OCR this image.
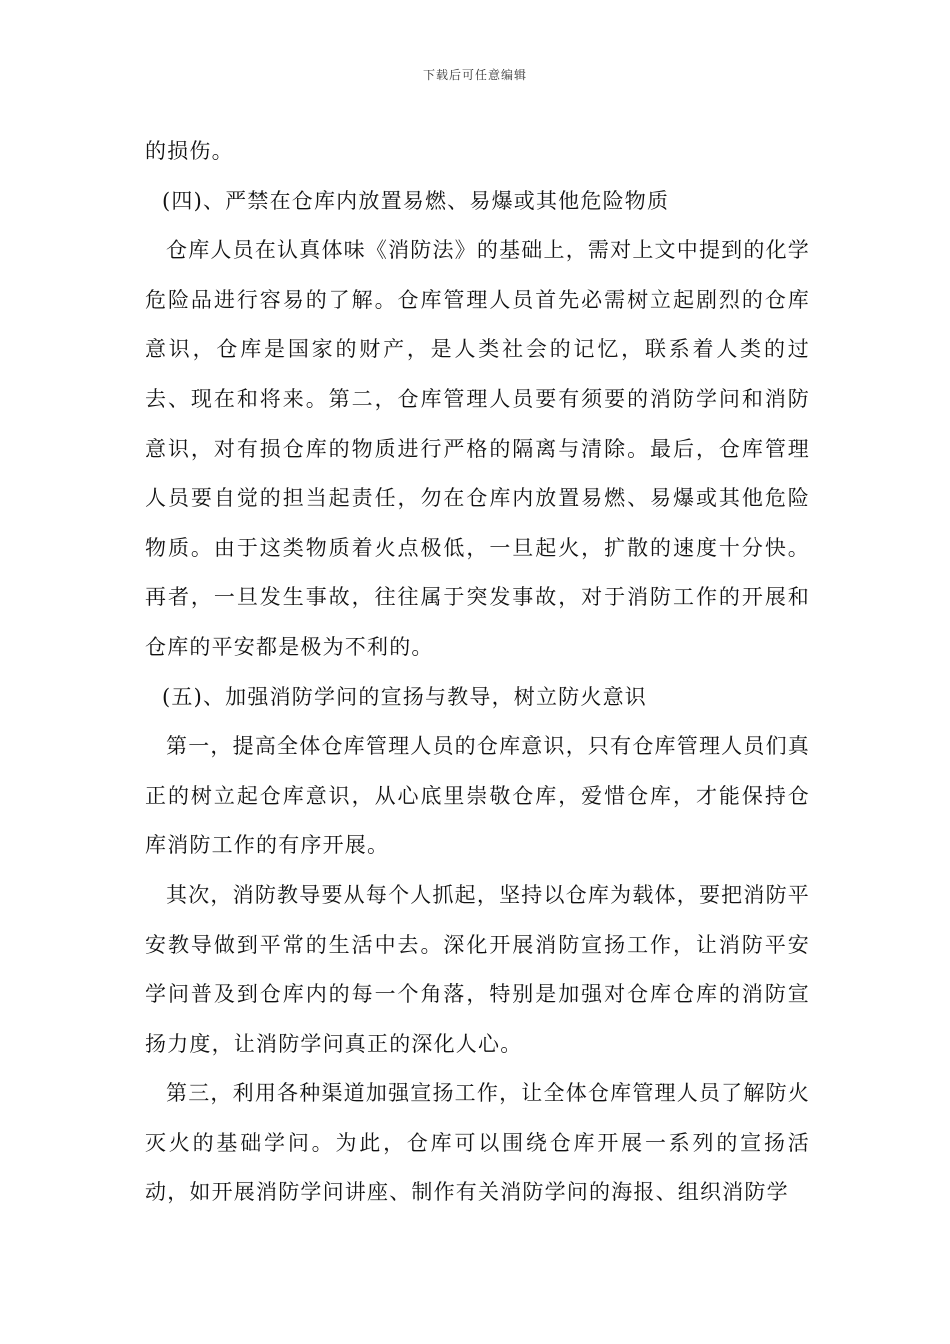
下载后可任意编辑

的损伤。

(四)、严禁在仓库内放置易燃、易爆或其他危险物质

仓库人员在认真体味《消防法》的基础上，需对上文中提到的化学危险品进行容易的了解。仓库管理人员首先必需树立起剧烈的仓库意识，仓库是国家的财产，是人类社会的记忆，联系着人类的过去、现在和将来。第二，仓库管理人员要有须要的消防学问和消防意识，对有损仓库的物质进行严格的隔离与清除。最后，仓库管理人员要自觉的担当起责任，勿在仓库内放置易燃、易爆或其他危险物质。由于这类物质着火点极低，一旦起火，扩散的速度十分快。再者，一旦发生事故，往往属于突发事故，对于消防工作的开展和仓库的平安都是极为不利的。

(五)、加强消防学问的宣扬与教导，树立防火意识

第一，提高全体仓库管理人员的仓库意识，只有仓库管理人员们真正的树立起仓库意识，从心底里崇敬仓库，爱惜仓库，才能保持仓库消防工作的有序开展。

其次，消防教导要从每个人抓起，坚持以仓库为载体，要把消防平安教导做到平常的生活中去。深化开展消防宣扬工作，让消防平安学问普及到仓库内的每一个角落，特别是加强对仓库仓库的消防宣扬力度，让消防学问真正的深化人心。

第三，利用各种渠道加强宣扬工作，让全体仓库管理人员了解防火灭火的基础学问。为此，仓库可以围绕仓库开展一系列的宣扬活动，如开展消防学问讲座、制作有关消防学问的海报、组织消防学
